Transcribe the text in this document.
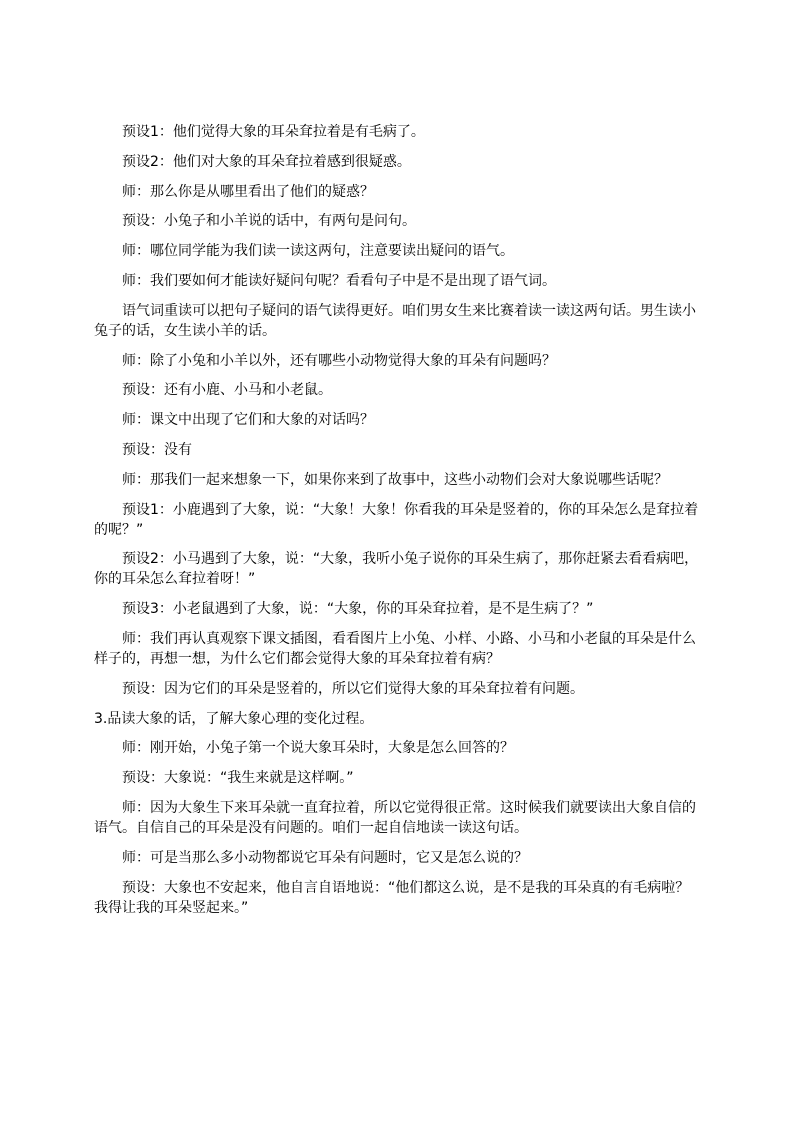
预设1：他们觉得大象的耳朵耷拉着是有毛病了。

预设2：他们对大象的耳朵耷拉着感到很疑惑。

师：那么你是从哪里看出了他们的疑惑？

预设：小兔子和小羊说的话中，有两句是问句。

师：哪位同学能为我们读一读这两句，注意要读出疑问的语气。

师：我们要如何才能读好疑问句呢？看看句子中是不是出现了语气词。

语气词重读可以把句子疑问的语气读得更好。咱们男女生来比赛着读一读这两句话。男生读小兔子的话，女生读小羊的话。

师：除了小兔和小羊以外，还有哪些小动物觉得大象的耳朵有问题吗？

预设：还有小鹿、小马和小老鼠。

师：课文中出现了它们和大象的对话吗？

预设：没有

师：那我们一起来想象一下，如果你来到了故事中，这些小动物们会对大象说哪些话呢？

预设1：小鹿遇到了大象，说：“大象！大象！你看我的耳朵是竖着的，你的耳朵怎么是耷拉着的呢？”

预设2：小马遇到了大象，说：“大象，我听小兔子说你的耳朵生病了，那你赶紧去看看病吧，你的耳朵怎么耷拉着呀！”

预设3：小老鼠遇到了大象，说：“大象，你的耳朵耷拉着，是不是生病了？”

师：我们再认真观察下课文插图，看看图片上小兔、小样、小路、小马和小老鼠的耳朵是什么样子的，再想一想，为什么它们都会觉得大象的耳朵耷拉着有病？

预设：因为它们的耳朵是竖着的，所以它们觉得大象的耳朵耷拉着有问题。

3.品读大象的话，了解大象心理的变化过程。

师：刚开始，小兔子第一个说大象耳朵时，大象是怎么回答的？

预设：大象说：“我生来就是这样啊。”

师：因为大象生下来耳朵就一直耷拉着，所以它觉得很正常。这时候我们就要读出大象自信的语气。自信自己的耳朵是没有问题的。咱们一起自信地读一读这句话。

师：可是当那么多小动物都说它耳朵有问题时，它又是怎么说的？

预设：大象也不安起来，他自言自语地说：“他们都这么说，是不是我的耳朵真的有毛病啦？我得让我的耳朵竖起来。”
